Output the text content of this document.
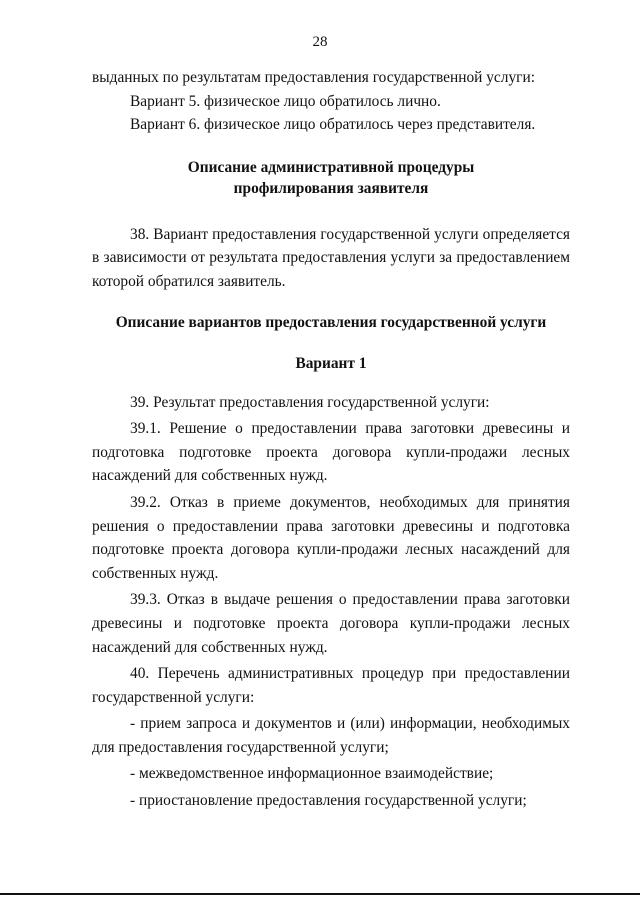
28

выданных по результатам предоставления государственной услуги:

Вариант 5. физическое лицо обратилось лично.

Вариант 6. физическое лицо обратилось через представителя.

Описание административной процедуры профилирования заявителя

38. Вариант предоставления государственной услуги определяется в зависимости от результата предоставления услуги за предоставлением которой обратился заявитель.

Описание вариантов предоставления государственной услуги

Вариант 1

39. Результат предоставления государственной услуги:

39.1. Решение о предоставлении права заготовки древесины и подготовка подготовке проекта договора купли-продажи лесных насаждений для собственных нужд.

39.2. Отказ в приеме документов, необходимых для принятия решения о предоставлении права заготовки древесины и подготовка подготовке проекта договора купли-продажи лесных насаждений для собственных нужд.

39.3. Отказ в выдаче решения о предоставлении права заготовки древесины и подготовке проекта договора купли-продажи лесных насаждений для собственных нужд.

40. Перечень административных процедур при предоставлении государственной услуги:

- прием запроса и документов и (или) информации, необходимых для предоставления государственной услуги;

- межведомственное информационное взаимодействие;

- приостановление предоставления государственной услуги;
